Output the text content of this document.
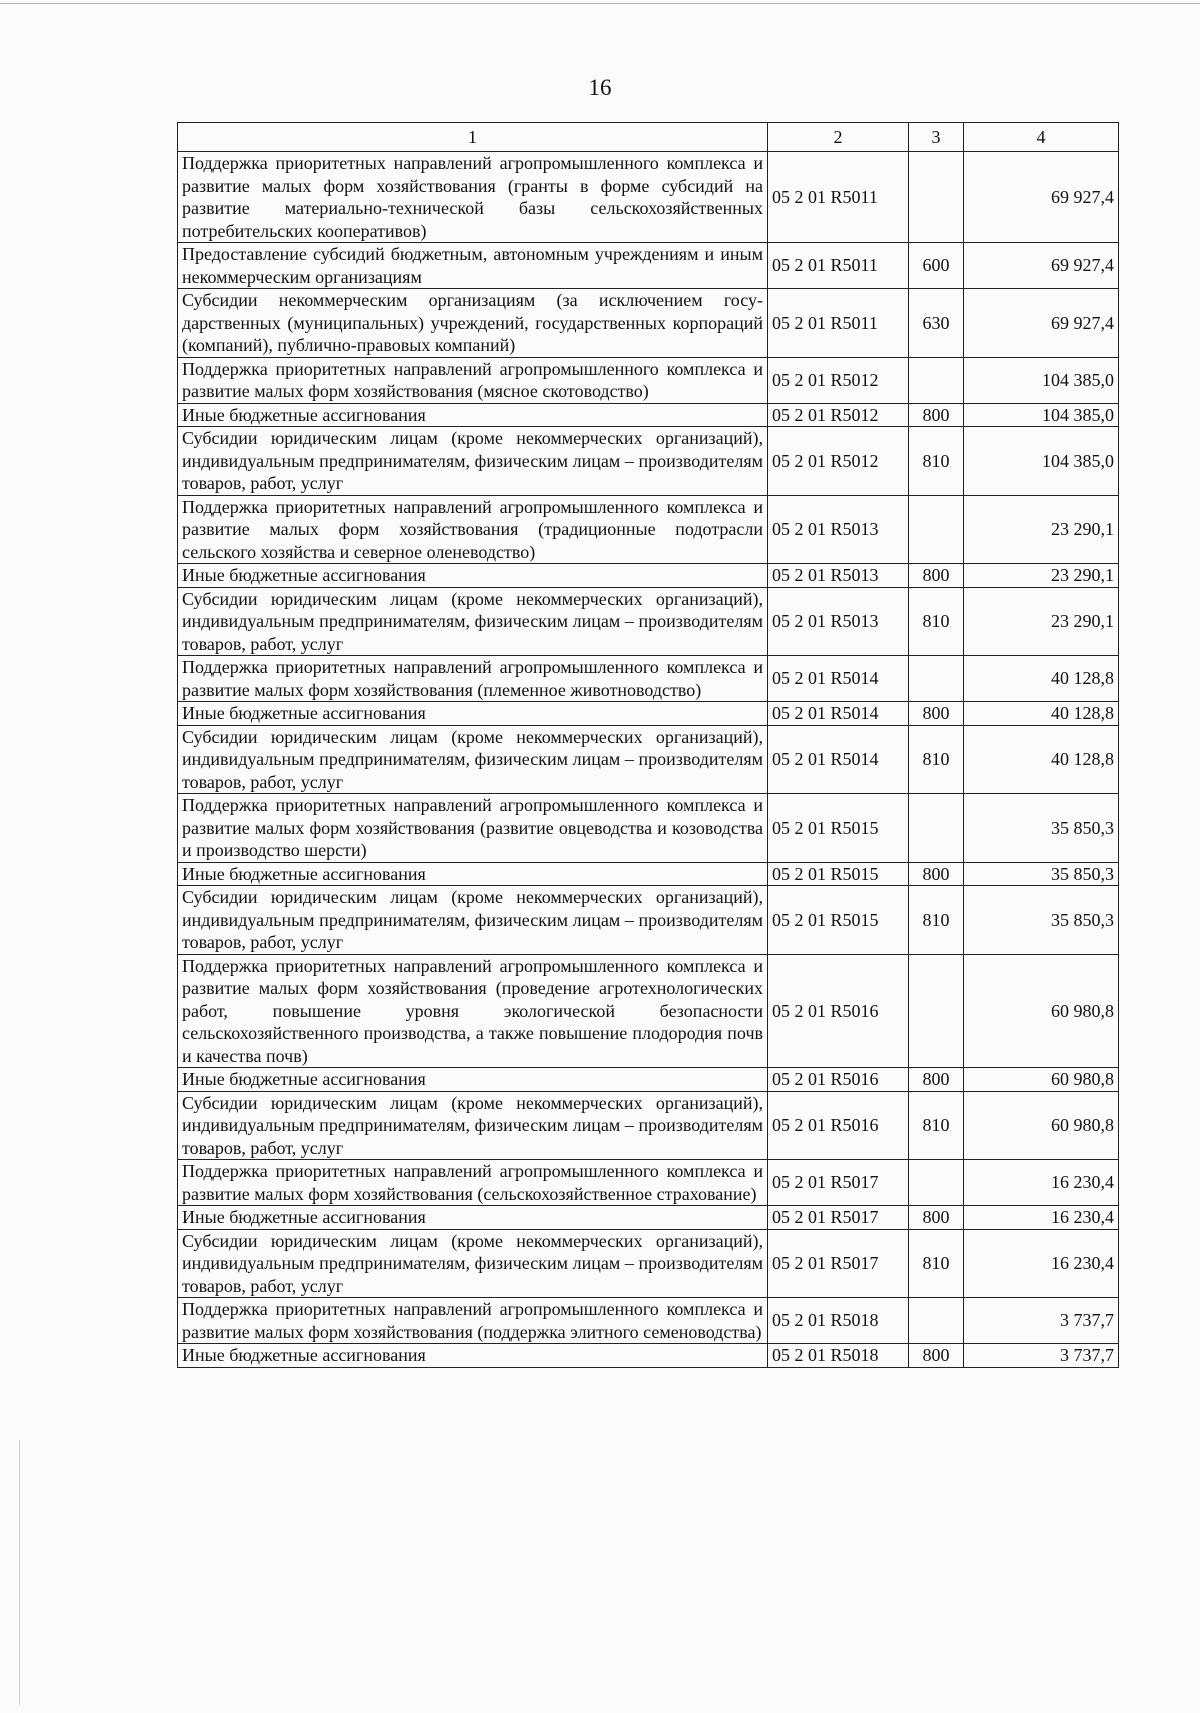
16
1	2	3	4
Поддержка приоритетных направлений агропромышленного комплекса и развитие малых форм хозяйствования (гранты в форме субсидий на развитие материально-технической базы сельскохозяйственных потребительских кооперативов)	05 2 01 R5011		69 927,4
Предоставление субсидий бюджетным, автономным учреждениям и иным некоммерческим организациям	05 2 01 R5011	600	69 927,4
Субсидии некоммерческим организациям (за исключением государственных (муниципальных) учреждений, государственных корпораций (компаний), публично-правовых компаний)	05 2 01 R5011	630	69 927,4
Поддержка приоритетных направлений агропромышленного комплекса и развитие малых форм хозяйствования (мясное скотоводство)	05 2 01 R5012		104 385,0
Иные бюджетные ассигнования	05 2 01 R5012	800	104 385,0
Субсидии юридическим лицам (кроме некоммерческих организаций), индивидуальным предпринимателям, физическим лицам – производителям товаров, работ, услуг	05 2 01 R5012	810	104 385,0
Поддержка приоритетных направлений агропромышленного комплекса и развитие малых форм хозяйствования (традиционные подотрасли сельского хозяйства и северное оленеводство)	05 2 01 R5013		23 290,1
Иные бюджетные ассигнования	05 2 01 R5013	800	23 290,1
Субсидии юридическим лицам (кроме некоммерческих организаций), индивидуальным предпринимателям, физическим лицам – производителям товаров, работ, услуг	05 2 01 R5013	810	23 290,1
Поддержка приоритетных направлений агропромышленного комплекса и развитие малых форм хозяйствования (племенное животноводство)	05 2 01 R5014		40 128,8
Иные бюджетные ассигнования	05 2 01 R5014	800	40 128,8
Субсидии юридическим лицам (кроме некоммерческих организаций), индивидуальным предпринимателям, физическим лицам – производителям товаров, работ, услуг	05 2 01 R5014	810	40 128,8
Поддержка приоритетных направлений агропромышленного комплекса и развитие малых форм хозяйствования (развитие овцеводства и козоводства и производство шерсти)	05 2 01 R5015		35 850,3
Иные бюджетные ассигнования	05 2 01 R5015	800	35 850,3
Субсидии юридическим лицам (кроме некоммерческих организаций), индивидуальным предпринимателям, физическим лицам – производителям товаров, работ, услуг	05 2 01 R5015	810	35 850,3
Поддержка приоритетных направлений агропромышленного комплекса и развитие малых форм хозяйствования (проведение агротехнологических работ, повышение уровня экологической безопасности сельскохозяйственного производства, а также повышение плодородия почв и качества почв)	05 2 01 R5016		60 980,8
Иные бюджетные ассигнования	05 2 01 R5016	800	60 980,8
Субсидии юридическим лицам (кроме некоммерческих организаций), индивидуальным предпринимателям, физическим лицам – производителям товаров, работ, услуг	05 2 01 R5016	810	60 980,8
Поддержка приоритетных направлений агропромышленного комплекса и развитие малых форм хозяйствования (сельскохозяйственное страхование)	05 2 01 R5017		16 230,4
Иные бюджетные ассигнования	05 2 01 R5017	800	16 230,4
Субсидии юридическим лицам (кроме некоммерческих организаций), индивидуальным предпринимателям, физическим лицам – производителям товаров, работ, услуг	05 2 01 R5017	810	16 230,4
Поддержка приоритетных направлений агропромышленного комплекса и развитие малых форм хозяйствования (поддержка элитного семеноводства)	05 2 01 R5018		3 737,7
Иные бюджетные ассигнования	05 2 01 R5018	800	3 737,7
